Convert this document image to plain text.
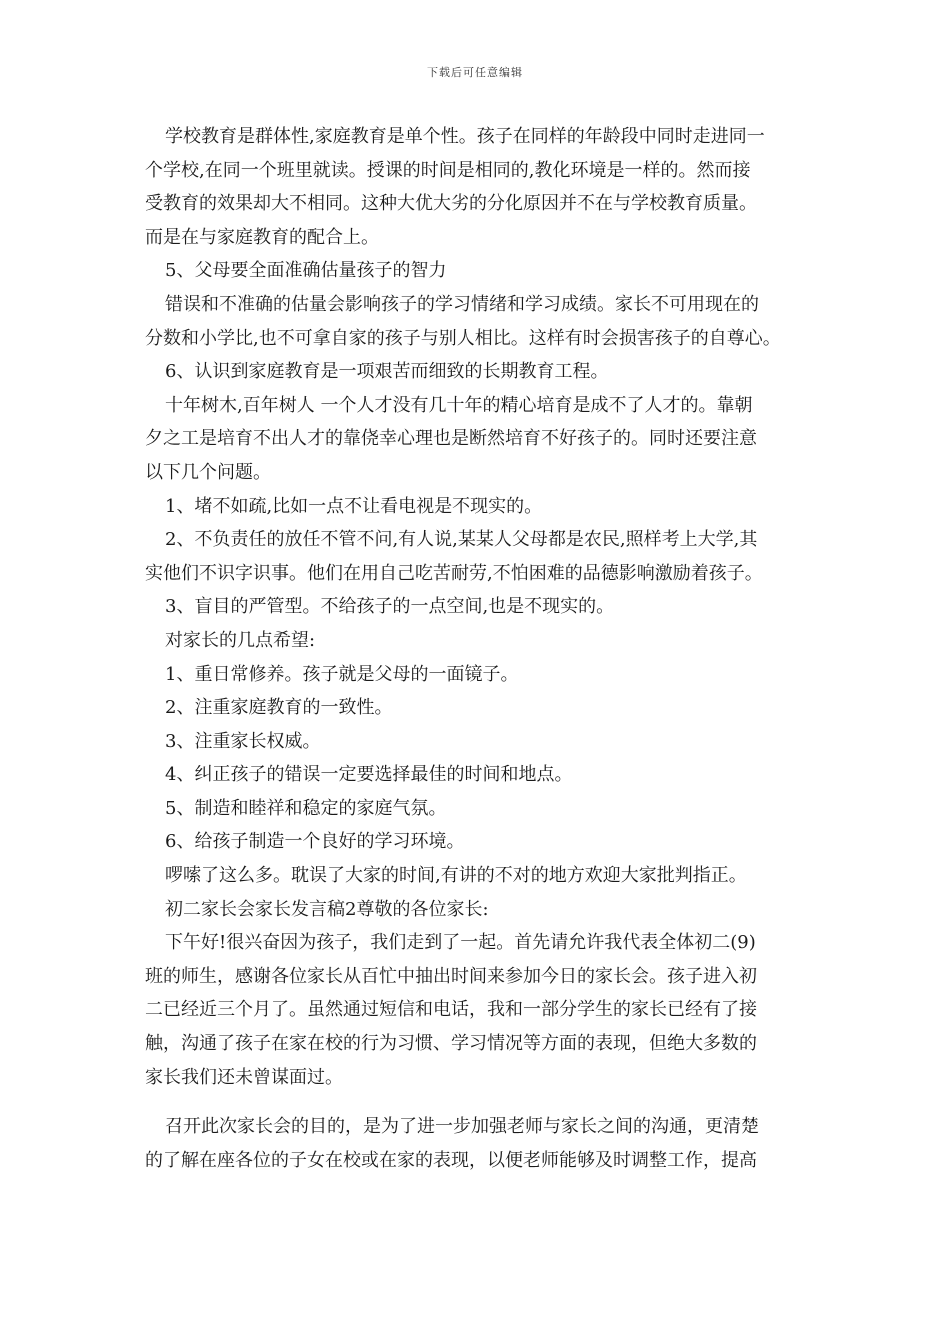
下载后可任意编辑
学校教育是群体性,家庭教育是单个性。孩子在同样的年龄段中同时走进同一
个学校,在同一个班里就读。授课的时间是相同的,教化环境是一样的。然而接
受教育的效果却大不相同。这种大优大劣的分化原因并不在与学校教育质量。
而是在与家庭教育的配合上。
5、父母要全面准确估量孩子的智力
错误和不准确的估量会影响孩子的学习情绪和学习成绩。家长不可用现在的
分数和小学比,也不可拿自家的孩子与别人相比。这样有时会损害孩子的自尊心。
6、认识到家庭教育是一项艰苦而细致的长期教育工程。
十年树木,百年树人 一个人才没有几十年的精心培育是成不了人才的。靠朝
夕之工是培育不出人才的靠侥幸心理也是断然培育不好孩子的。同时还要注意
以下几个问题。
1、堵不如疏,比如一点不让看电视是不现实的。
2、不负责任的放任不管不问,有人说,某某人父母都是农民,照样考上大学,其
实他们不识字识事。他们在用自己吃苦耐劳,不怕困难的品德影响激励着孩子。
3、盲目的严管型。不给孩子的一点空间,也是不现实的。
对家长的几点希望:
1、重日常修养。孩子就是父母的一面镜子。
2、注重家庭教育的一致性。
3、注重家长权威。
4、纠正孩子的错误一定要选择最佳的时间和地点。
5、制造和睦祥和稳定的家庭气氛。
6、给孩子制造一个良好的学习环境。
啰嗦了这么多。耽误了大家的时间,有讲的不对的地方欢迎大家批判指正。
初二家长会家长发言稿2尊敬的各位家长:
下午好!很兴奋因为孩子，我们走到了一起。首先请允许我代表全体初二(9)
班的师生，感谢各位家长从百忙中抽出时间来参加今日的家长会。孩子进入初
二已经近三个月了。虽然通过短信和电话，我和一部分学生的家长已经有了接
触，沟通了孩子在家在校的行为习惯、学习情况等方面的表现，但绝大多数的
家长我们还未曾谋面过。
召开此次家长会的目的，是为了进一步加强老师与家长之间的沟通，更清楚
的了解在座各位的子女在校或在家的表现，以便老师能够及时调整工作，提高
